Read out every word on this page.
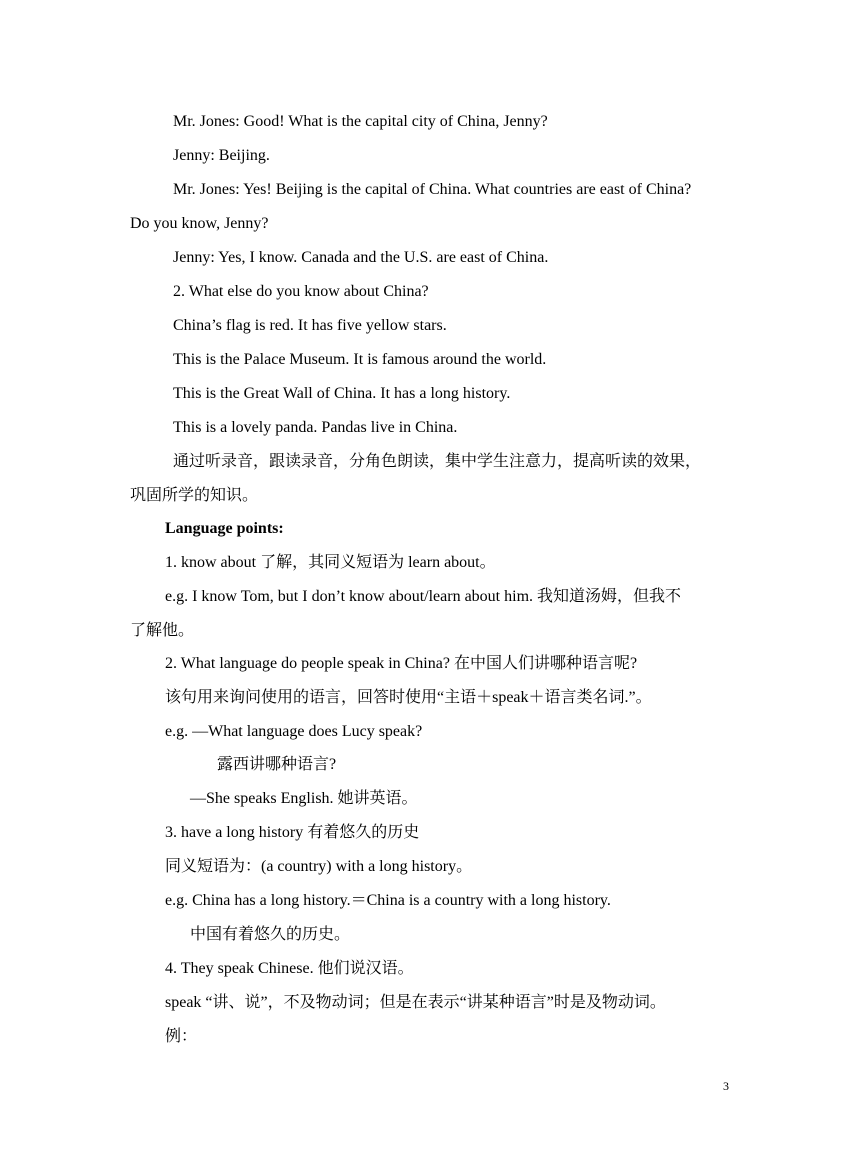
Mr. Jones: Good! What is the capital city of China, Jenny?
Jenny: Beijing.
Mr. Jones: Yes! Beijing is the capital of China. What countries are east of China?
Do you know, Jenny?
Jenny: Yes, I know. Canada and the U.S. are east of China.
2. What else do you know about China?
China’s flag is red. It has five yellow stars.
This is the Palace Museum. It is famous around the world.
This is the Great Wall of China. It has a long history.
This is a lovely panda. Pandas live in China.
通过听录音，跟读录音，分角色朗读，集中学生注意力，提高听读的效果，
巩固所学的知识。
Language points:
1. know about 了解，其同义短语为 learn about。
e.g. I know Tom, but I don’t know about/learn about him. 我知道汤姆，但我不
了解他。
2. What language do people speak in China? 在中国人们讲哪种语言呢?
该句用来询问使用的语言，回答时使用“主语＋speak＋语言类名词.”。
e.g. —What language does Lucy speak?
露西讲哪种语言?
—She speaks English. 她讲英语。
3. have a long history 有着悠久的历史
同义短语为：(a country) with a long history。
e.g. China has a long history.＝China is a country with a long history.
中国有着悠久的历史。
4. They speak Chinese. 他们说汉语。
speak “讲、说”，不及物动词；但是在表示“讲某种语言”时是及物动词。
例：
3
